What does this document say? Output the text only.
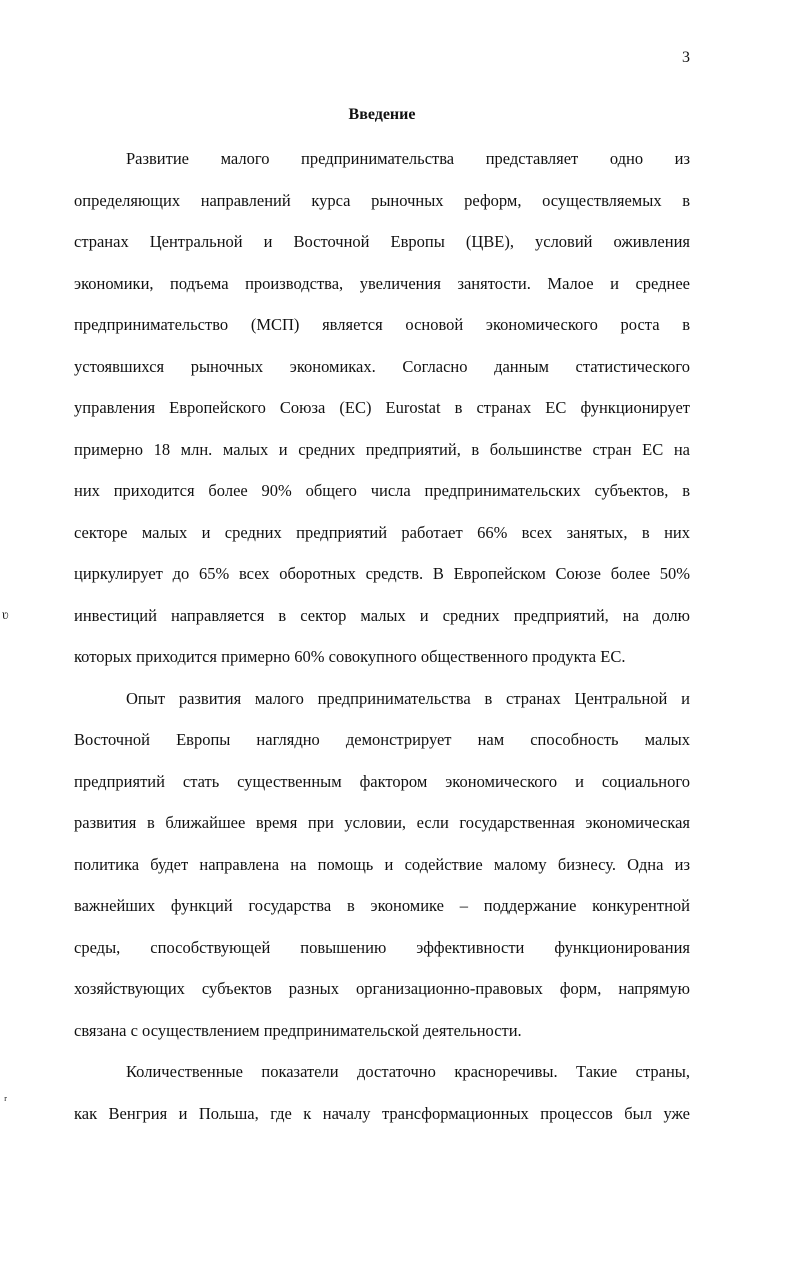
3
Введение

Развитие малого предпринимательства представляет одно из
определяющих направлений курса рыночных реформ, осуществляемых в
странах Центральной и Восточной Европы (ЦВЕ), условий оживления
экономики, подъема производства, увеличения занятости. Малое и среднее
предпринимательство (МСП) является основой экономического роста в
устоявшихся рыночных экономиках. Согласно данным статистического
управления Европейского Союза (ЕС) Eurostat в странах ЕС функционирует
примерно 18 млн. малых и средних предприятий, в большинстве стран ЕС на
них приходится более 90% общего числа предпринимательских субъектов, в
секторе малых и средних предприятий работает 66% всех занятых, в них
циркулирует до 65% всех оборотных средств. В Европейском Союзе более 50%
инвестиций направляется в сектор малых и средних предприятий, на долю
которых приходится примерно 60% совокупного общественного продукта ЕС.

Опыт развития малого предпринимательства в странах Центральной и
Восточной Европы наглядно демонстрирует нам способность малых
предприятий стать существенным фактором экономического и социального
развития в ближайшее время при условии, если государственная экономическая
политика будет направлена на помощь и содействие малому бизнесу. Одна из
важнейших функций государства в экономике – поддержание конкурентной
среды, способствующей повышению эффективности функционирования
хозяйствующих субъектов разных организационно-правовых форм, напрямую
связана с осуществлением предпринимательской деятельности.

Количественные показатели достаточно красноречивы. Такие страны,
как Венгрия и Польша, где к началу трансформационных процессов был уже

ʋ
ʳ
